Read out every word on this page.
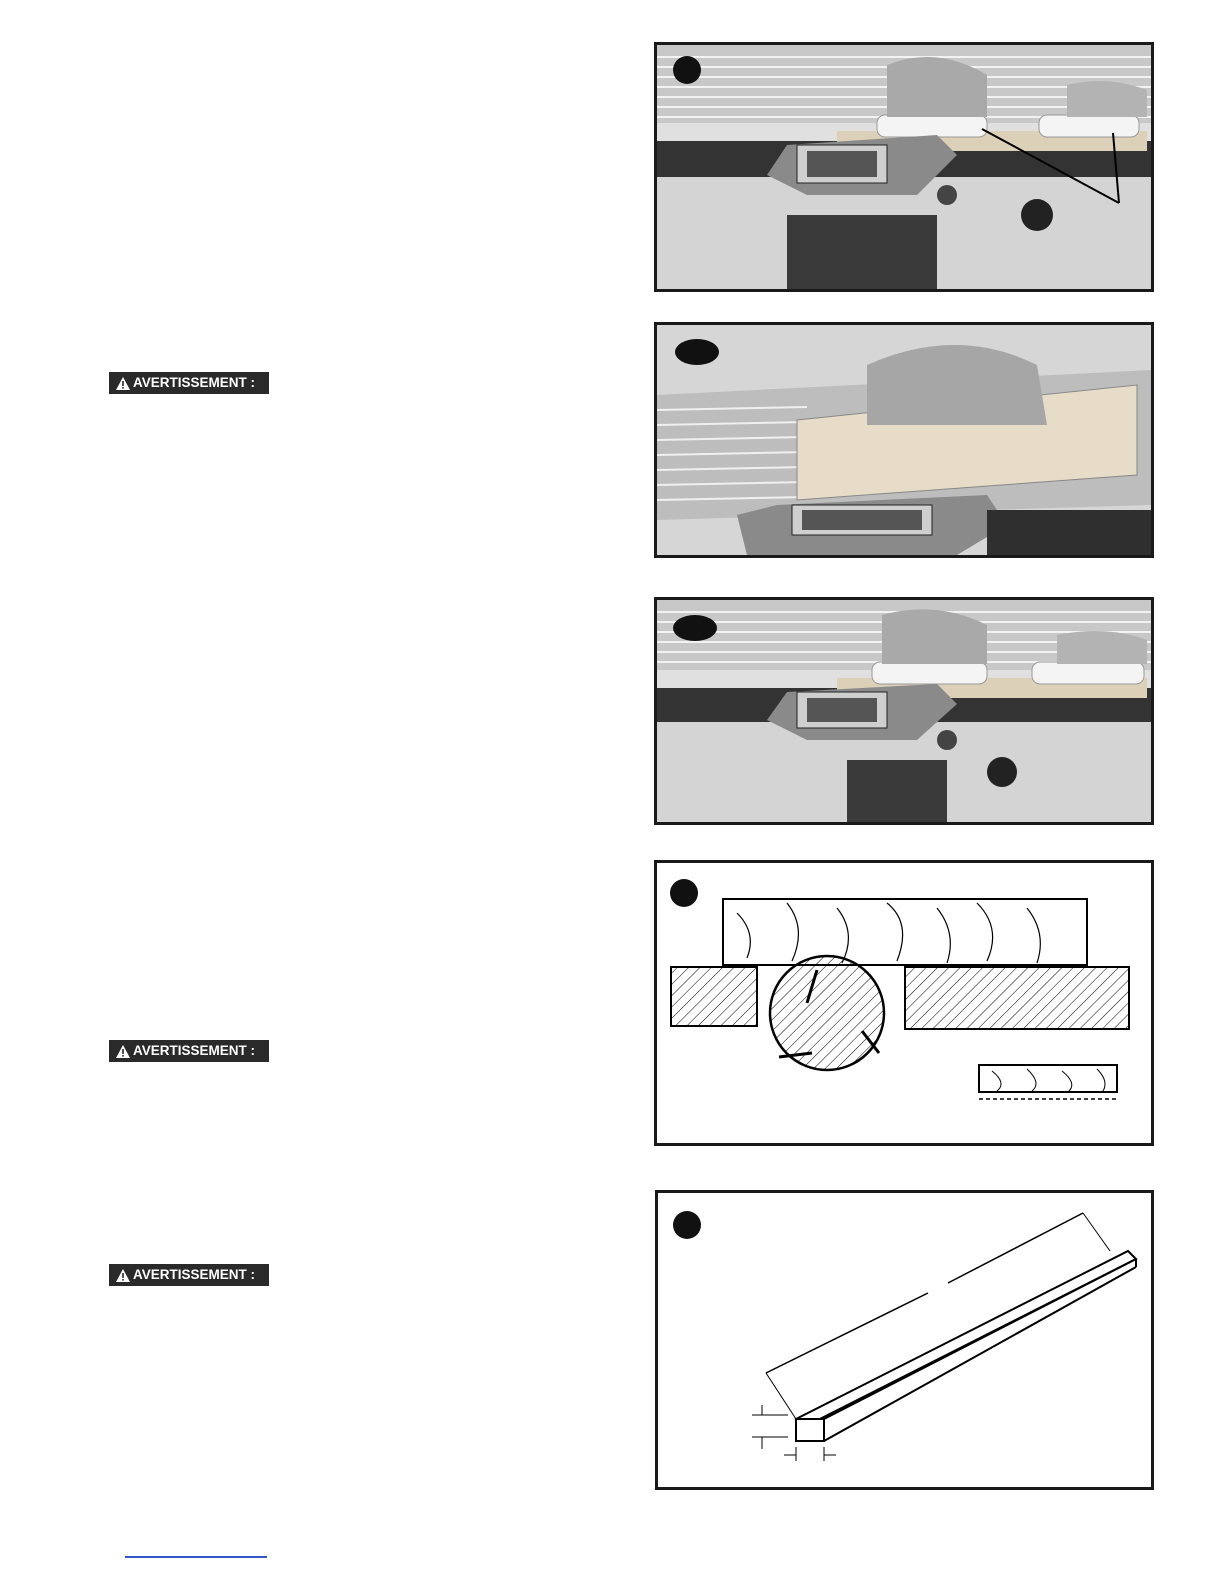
AVERTISSEMENT :
AVERTISSEMENT :
AVERTISSEMENT :
